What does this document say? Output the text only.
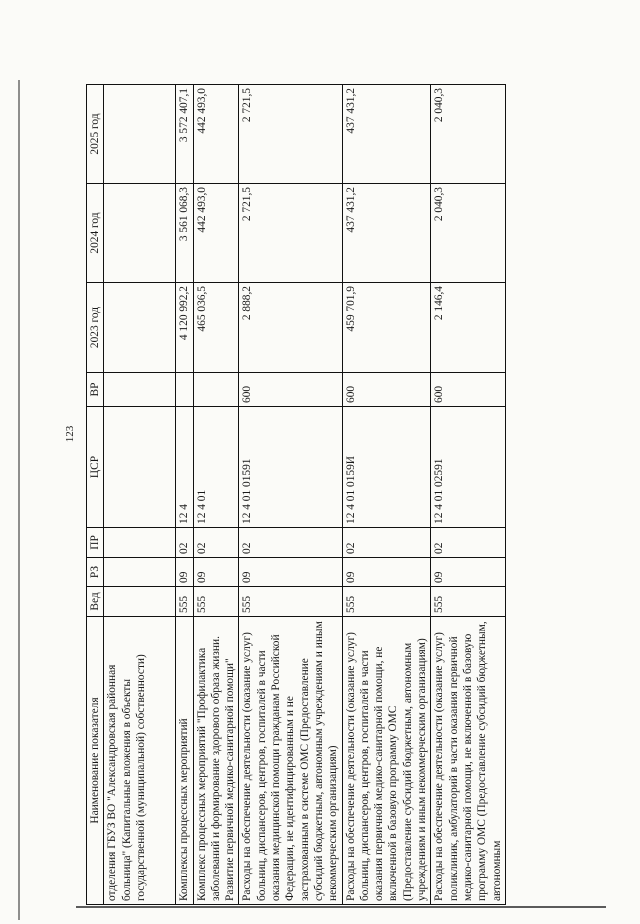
123
Наименование показателя	Вед	РЗ	ПР	ЦСР	ВР	2023 год	2024 год	2025 год
отделения ГБУЗ ВО "Александровская районная больница" (Капитальные вложения в объекты государственной (муниципальной) собственности)								
Комплексы процессных мероприятий	555	09	02	12 4		4 120 992,2	3 561 068,3	3 572 407,1
Комплекс процессных мероприятий "Профилактика заболеваний и формирование здорового образа жизни. Развитие первичной медико-санитарной помощи"	555	09	02	12 4 01		465 036,5	442 493,0	442 493,0
Расходы на обеспечение деятельности (оказание услуг) больниц, диспансеров, центров, госпиталей в части оказания медицинской помощи гражданам Российской Федерации, не идентифицированным и не застрахованным в системе ОМС (Предоставление субсидий бюджетным, автономным учреждениям и иным некоммерческим организациям)	555	09	02	12 4 01 01591	600	2 888,2	2 721,5	2 721,5
Расходы на обеспечение деятельности (оказание услуг) больниц, диспансеров, центров, госпиталей в части оказания первичной медико-санитарной помощи, не включенной в базовую программу ОМС (Предоставление субсидий бюджетным, автономным учреждениям и иным некоммерческим организациям)	555	09	02	12 4 01 0159И	600	459 701,9	437 431,2	437 431,2
Расходы на обеспечение деятельности (оказание услуг) поликлиник, амбулаторий в части оказания первичной медико-санитарной помощи, не включенной в базовую программу ОМС (Предоставление субсидий бюджетным, автономным	555	09	02	12 4 01 02591	600	2 146,4	2 040,3	2 040,3
